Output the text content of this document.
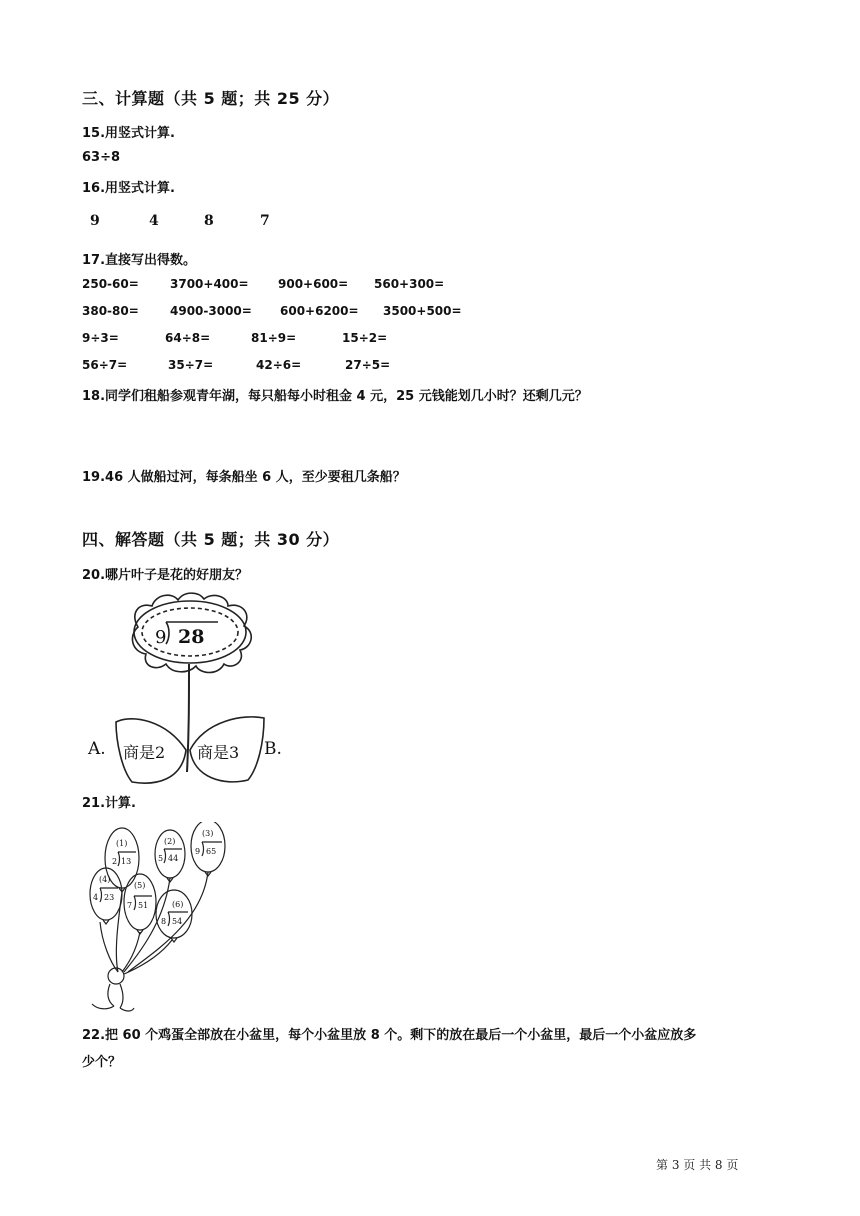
三、计算题（共 5 题；共 25 分）
15.用竖式计算.
63÷8
16.用竖式计算.
9	4	8	7
17.直接写出得数。
250-60=	3700+400= 900+600= 560+300=
380-80=	4900-3000= 600+6200= 3500+500=
9÷3=	64÷8=	81÷9=	15÷2=
56÷7=	35÷7=	42÷6=	27÷5=
18.同学们租船参观青年湖，每只船每小时租金 4 元，25 元钱能划几小时？还剩几元？
19.46 人做船过河，每条船坐 6 人，至少要租几条船？
四、解答题（共 5 题；共 30 分）
20.哪片叶子是花的好朋友？
9 28
商是2 商是3
A.	B.
21.计算.
(1)
2 13
(2)
5 44
(3)
9 65
(4)
4 23
(5)
7 51	(6)
8 54
22.把 60 个鸡蛋全部放在小盆里，每个小盆里放 8 个。剩下的放在最后一个小盆里，最后一个小盆应放多
少个？
第 3 页 共 8 页
